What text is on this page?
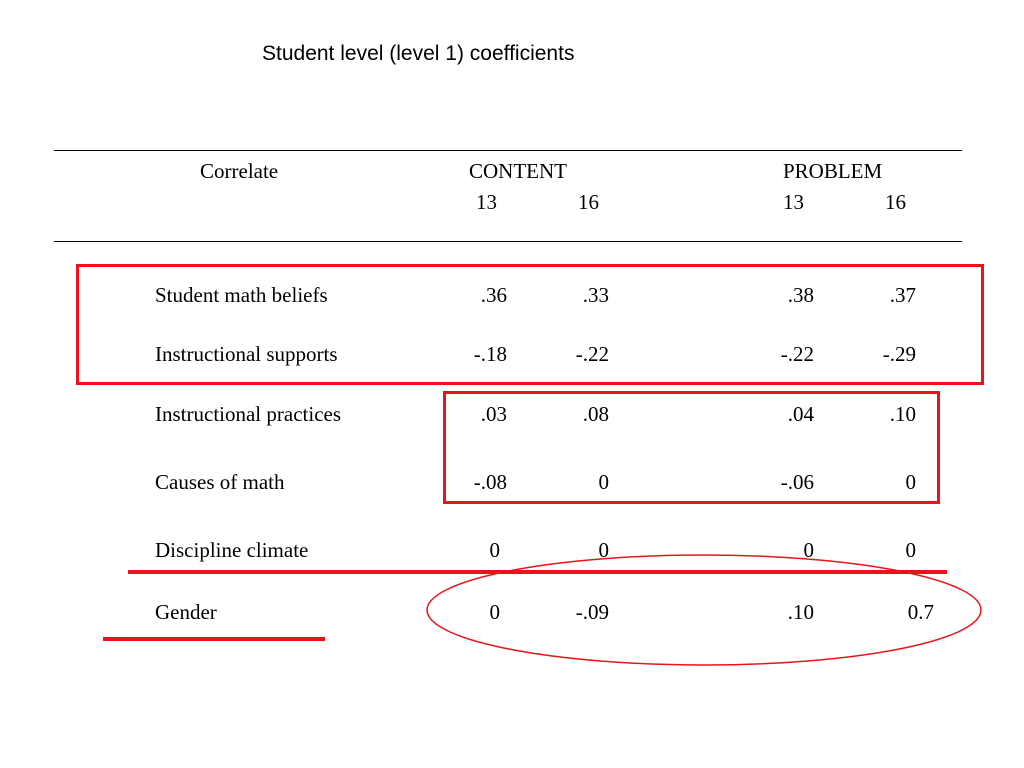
Student level (level 1) coefficients
Correlate	CONTENT	PROBLEM
13	16	13	16
Student math beliefs	.36	.33	.38	.37
Instructional supports	-.18	-.22	-.22	-.29
Instructional practices	.03	.08	.04	.10
Causes of math	-.08	0	-.06	0
Discipline climate	0	0	0	0
Gender	0	-.09	.10	0.7
